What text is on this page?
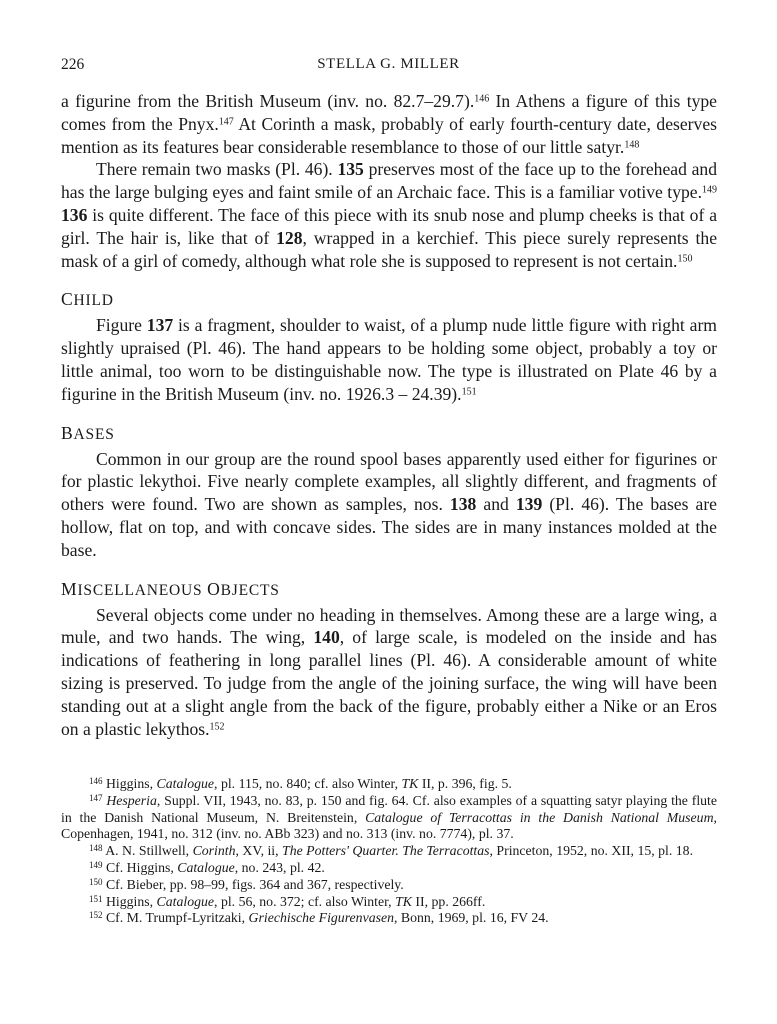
226	STELLA G. MILLER

a figurine from the British Museum (inv. no. 82.7–29.7).$^{146}$ In Athens a figure of this type comes from the Pnyx.$^{147}$ At Corinth a mask, probably of early fourth-century date, deserves mention as its features bear considerable resemblance to those of our little satyr.$^{148}$

There remain two masks (Pl. 46). 135 preserves most of the face up to the forehead and has the large bulging eyes and faint smile of an Archaic face. This is a familiar votive type.$^{149}$ 136 is quite different. The face of this piece with its snub nose and plump cheeks is that of a girl. The hair is, like that of 128, wrapped in a kerchief. This piece surely represents the mask of a girl of comedy, although what role she is supposed to represent is not certain.$^{150}$

CHILD

Figure 137 is a fragment, shoulder to waist, of a plump nude little figure with right arm slightly upraised (Pl. 46). The hand appears to be holding some object, probably a toy or little animal, too worn to be distinguishable now. The type is illustrated on Plate 46 by a figurine in the British Museum (inv. no. 1926.3 – 24.39).$^{151}$

BASES

Common in our group are the round spool bases apparently used either for figurines or for plastic lekythoi. Five nearly complete examples, all slightly different, and fragments of others were found. Two are shown as samples, nos. 138 and 139 (Pl. 46). The bases are hollow, flat on top, and with concave sides. The sides are in many instances molded at the base.

MISCELLANEOUS OBJECTS

Several objects come under no heading in themselves. Among these are a large wing, a mule, and two hands. The wing, 140, of large scale, is modeled on the inside and has indications of feathering in long parallel lines (Pl. 46). A considerable amount of white sizing is preserved. To judge from the angle of the joining surface, the wing will have been standing out at a slight angle from the back of the figure, probably either a Nike or an Eros on a plastic lekythos.$^{152}$

$^{146}$ Higgins, Catalogue, pl. 115, no. 840; cf. also Winter, TK II, p. 396, fig. 5.

$^{147}$ Hesperia, Suppl. VII, 1943, no. 83, p. 150 and fig. 64. Cf. also examples of a squatting satyr playing the flute in the Danish National Museum, N. Breitenstein, Catalogue of Terracottas in the Danish National Museum, Copenhagen, 1941, no. 312 (inv. no. ABb 323) and no. 313 (inv. no. 7774), pl. 37.

$^{148}$ A. N. Stillwell, Corinth, XV, ii, The Potters' Quarter. The Terracottas, Princeton, 1952, no. XII, 15, pl. 18.

$^{149}$ Cf. Higgins, Catalogue, no. 243, pl. 42.

$^{150}$ Cf. Bieber, pp. 98–99, figs. 364 and 367, respectively.

$^{151}$ Higgins, Catalogue, pl. 56, no. 372; cf. also Winter, TK II, pp. 266ff.

$^{152}$ Cf. M. Trumpf-Lyritzaki, Griechische Figurenvasen, Bonn, 1969, pl. 16, FV 24.
